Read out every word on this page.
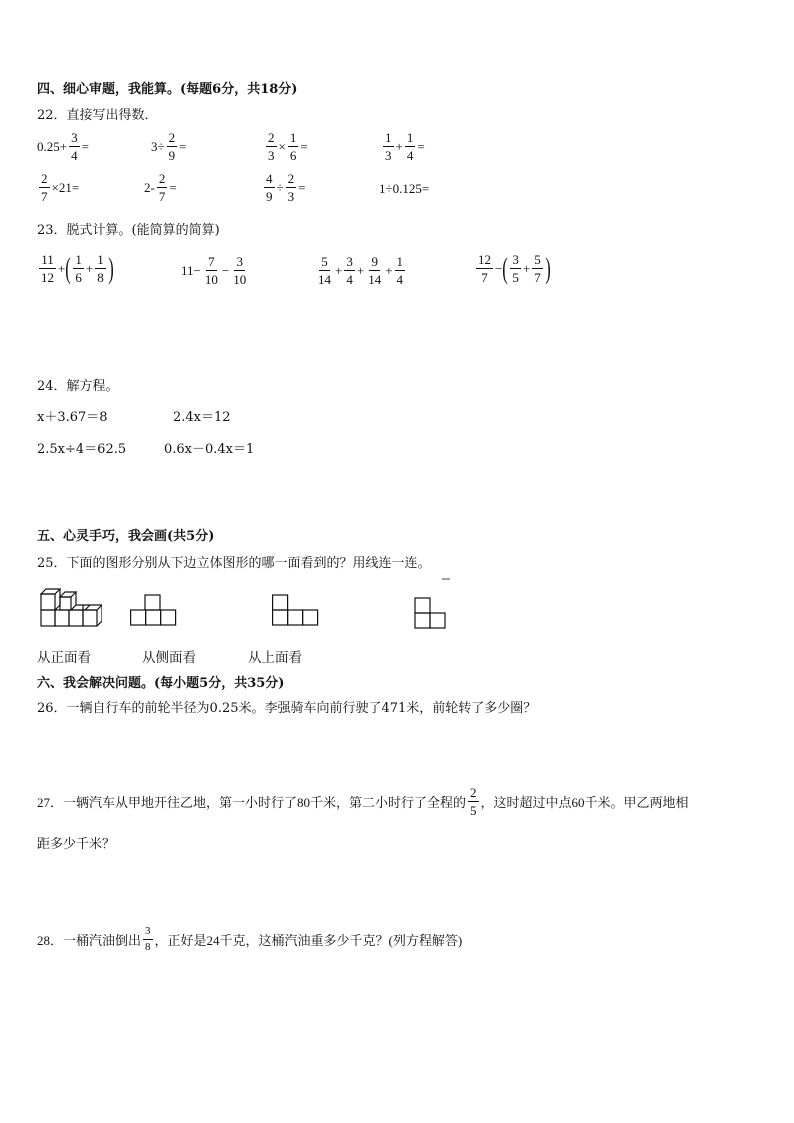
四、细心审题，我能算。(每题6分，共18分)
22．直接写出得数．
$0.25+ \frac{3}{4}$ =	$3\div \frac{2}{9}$ =	$\frac{2}{3} \times \frac{1}{6}$ =	$\frac{1}{3} + \frac{1}{4}$ =
$\frac{2}{7} \times 21=$	$2- \frac{2}{7}$ =	$\frac{4}{9} \div \frac{2}{3}$ =	1÷0.125=
23．脱式计算。(能简算的简算)
$\frac{11}{12}$ + ( $\frac{1}{6} + \frac{1}{8}$ )	$11- \frac{7}{10} - \frac{3}{10}$	$\frac{5}{14} + \frac{3}{4} + \frac{9}{14} + \frac{1}{4}$	$\frac{12}{7}$ − ( $\frac{3}{5} + \frac{5}{7}$ )
24．解方程。
x＋3.67＝8	2.4x＝12
2.5x÷4＝62.5	0.6x－0.4x＝1
五、心灵手巧，我会画(共5分)
25．下面的图形分别从下边立体图形的哪一面看到的？用线连一连。
从正面看	从侧面看	从上面看
六、我会解决问题。(每小题5分，共35分)
26．一辆自行车的前轮半径为0.25米。李强骑车向前行驶了471米，前轮转了多少圈？
27．一辆汽车从甲地开往乙地，第一小时行了80千米，第二小时行了全程的 $\frac{2}{5}$ ，这时超过中点60千米。甲乙两地相
距多少千米？
28．一桶汽油倒出 $\frac{3}{8}$ ，正好是24千克，这桶汽油重多少千克？(列方程解答)
